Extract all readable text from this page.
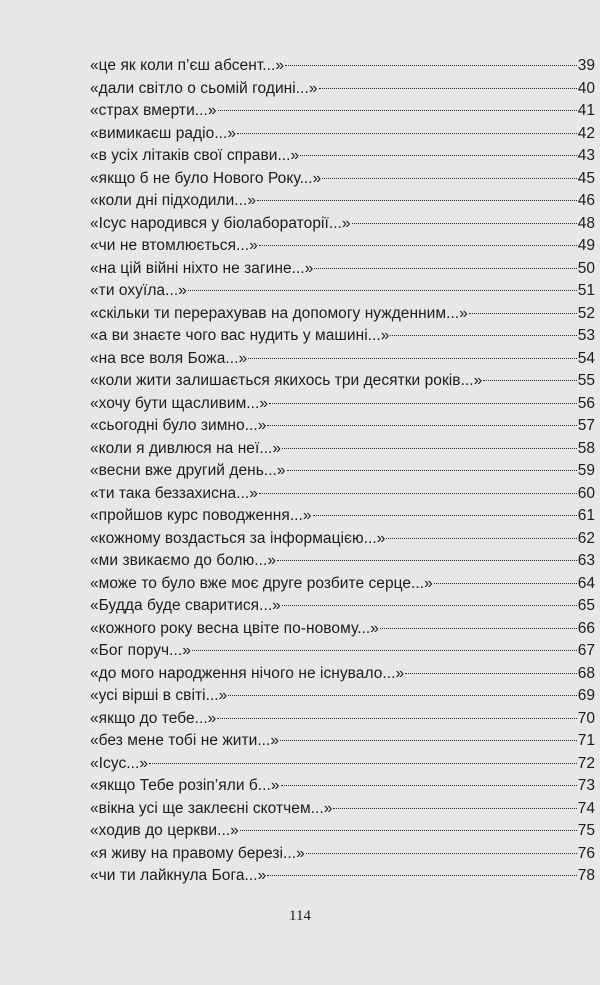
«це як коли п’єш абсент...»	39
«дали світло о сьомій годині...»	40
«страх вмерти...»	41
«вимикаєш радіо...»	42
«в усіх літаків свої справи...»	43
«якщо б не було Нового Року...»	45
«коли дні підходили...»	46
«Ісус народився у біолабораторії...»	48
«чи не втомлюється...»	49
«на цій війні ніхто не загине...»	50
«ти охуїла...»	51
«скільки ти перерахував на допомогу нужденним...»	52
«а ви знаєте чого вас нудить у машині...»	53
«на все воля Божа...»	54
«коли жити залишається якихось три десятки років...»	55
«хочу бути щасливим...»	56
«сьогодні було зимно...»	57
«коли я дивлюся на неї...»	58
«весни вже другий день...»	59
«ти така беззахисна...»	60
«пройшов курс поводження...»	61
«кожному воздасться за інформацією...»	62
«ми звикаємо до болю...»	63
«може то було вже моє друге розбите серце...»	64
«Будда буде сваритися...»	65
«кожного року весна цвіте по-новому...»	66
«Бог поруч...»	67
«до мого народження нічого не існувало...»	68
«усі вірші в світі...»	69
«якщо до тебе...»	70
«без мене тобі не жити...»	71
«Ісус...»	72
«якщо Тебе розіп’яли б...»	73
«вікна усі ще заклеєні скотчем...»	74
«ходив до церкви...»	75
«я живу на правому березі...»	76
«чи ти лайкнула Бога...»	78
114
